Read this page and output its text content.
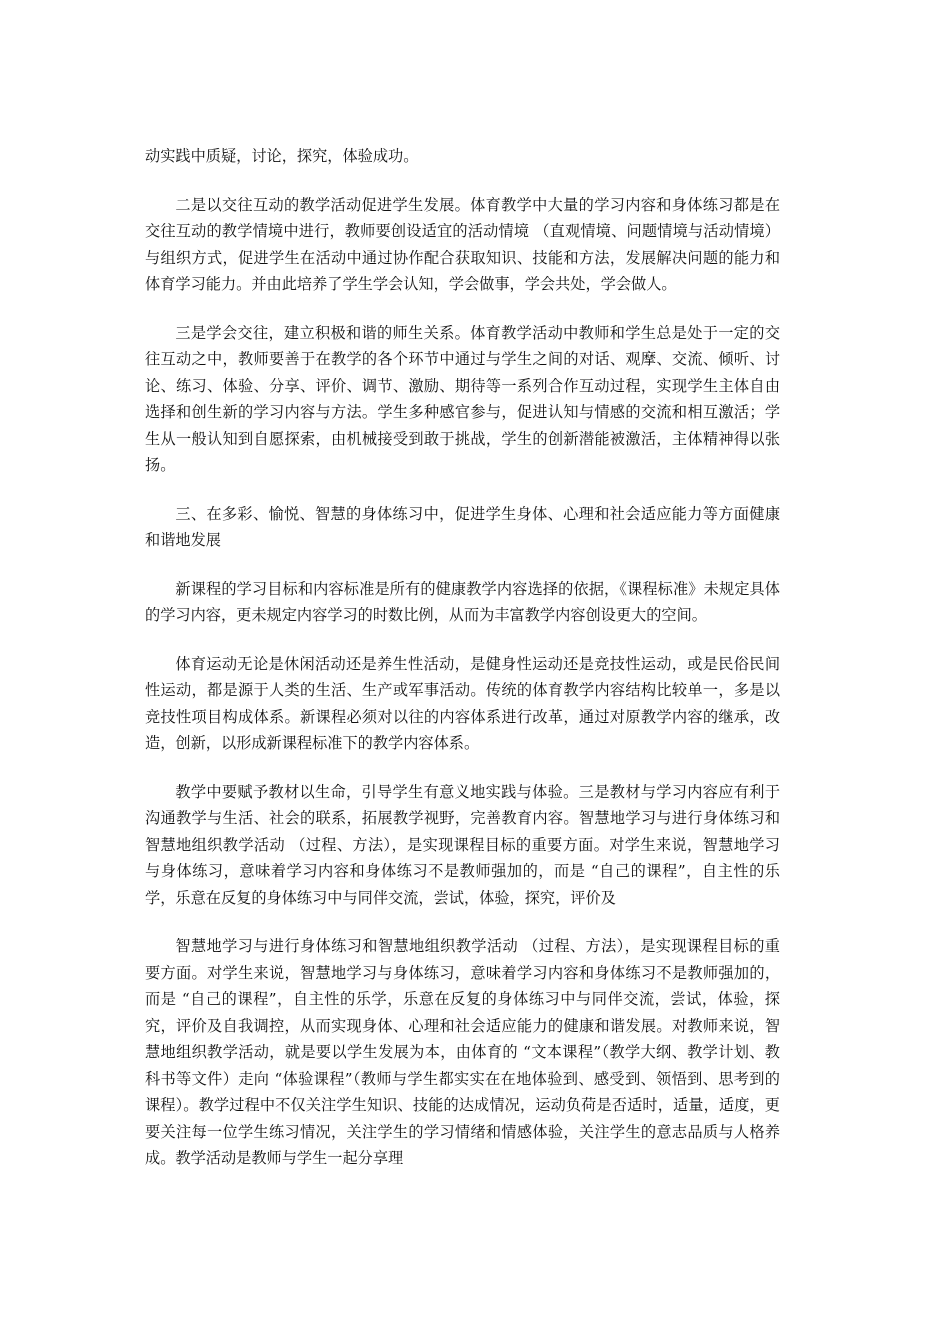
动实践中质疑，讨论，探究，体验成功。

二是以交往互动的教学活动促进学生发展。体育教学中大量的学习内容和身体练习都是在交往互动的教学情境中进行，教师要创设适宜的活动情境 （直观情境、问题情境与活动情境）与组织方式，促进学生在活动中通过协作配合获取知识、技能和方法，发展解决问题的能力和体育学习能力。并由此培养了学生学会认知，学会做事，学会共处，学会做人。

三是学会交往，建立积极和谐的师生关系。体育教学活动中教师和学生总是处于一定的交往互动之中，教师要善于在教学的各个环节中通过与学生之间的对话、观摩、交流、倾听、讨论、练习、体验、分享、评价、调节、激励、期待等一系列合作互动过程，实现学生主体自由选择和创生新的学习内容与方法。学生多种感官参与，促进认知与情感的交流和相互激活；学生从一般认知到自愿探索，由机械接受到敢于挑战，学生的创新潜能被激活，主体精神得以张扬。

三、在多彩、愉悦、智慧的身体练习中，促进学生身体、心理和社会适应能力等方面健康和谐地发展

新课程的学习目标和内容标准是所有的健康教学内容选择的依据，《课程标准》未规定具体的学习内容，更未规定内容学习的时数比例，从而为丰富教学内容创设更大的空间。

体育运动无论是休闲活动还是养生性活动，是健身性运动还是竞技性运动，或是民俗民间性运动，都是源于人类的生活、生产或军事活动。传统的体育教学内容结构比较单一，多是以竞技性项目构成体系。新课程必须对以往的内容体系进行改革，通过对原教学内容的继承，改造，创新，以形成新课程标准下的教学内容体系。

教学中要赋予教材以生命，引导学生有意义地实践与体验。三是教材与学习内容应有利于沟通教学与生活、社会的联系，拓展教学视野，完善教育内容。智慧地学习与进行身体练习和智慧地组织教学活动 （过程、方法），是实现课程目标的重要方面。对学生来说，智慧地学习与身体练习，意味着学习内容和身体练习不是教师强加的，而是 “自己的课程”，自主性的乐学，乐意在反复的身体练习中与同伴交流，尝试，体验，探究，评价及

智慧地学习与进行身体练习和智慧地组织教学活动 （过程、方法），是实现课程目标的重要方面。对学生来说，智慧地学习与身体练习，意味着学习内容和身体练习不是教师强加的，而是 “自己的课程”，自主性的乐学，乐意在反复的身体练习中与同伴交流，尝试，体验，探究，评价及自我调控，从而实现身体、心理和社会适应能力的健康和谐发展。对教师来说，智慧地组织教学活动，就是要以学生发展为本，由体育的 “文本课程”（教学大纲、教学计划、教科书等文件）走向 “体验课程”（教师与学生都实实在在地体验到、感受到、领悟到、思考到的课程）。教学过程中不仅关注学生知识、技能的达成情况，运动负荷是否适时，适量，适度，更要关注每一位学生练习情况，关注学生的学习情绪和情感体验，关注学生的意志品质与人格养成。教学活动是教师与学生一起分享理
